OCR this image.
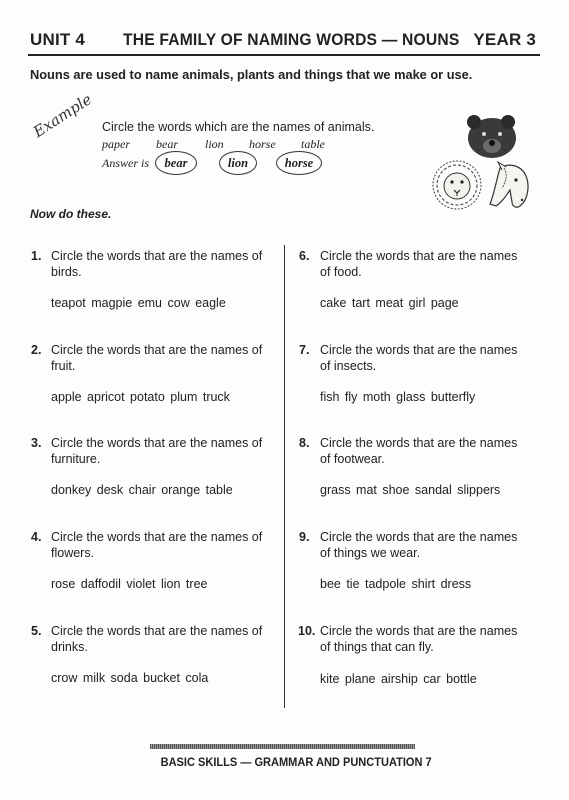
UNIT 4 THE FAMILY OF NAMING WORDS — NOUNS YEAR 3
Nouns are used to name animals, plants and things that we make or use.
Example Circle the words which are the names of animals.
paper bear lion horse table
Answer is	bear	lion	horse
Now do these.
1. Circle the words that are the names of birds.
teapot magpie emu cow eagle
2. Circle the words that are the names of fruit.
apple apricot potato plum truck
3. Circle the words that are the names of furniture.
donkey desk chair orange table
4. Circle the words that are the names of flowers.
rose daffodil violet lion tree
5. Circle the words that are the names of drinks.
crow milk soda bucket cola
6. Circle the words that are the names of food.
cake tart meat girl page
7. Circle the words that are the names of insects.
fish fly moth glass butterfly
8. Circle the words that are the names of footwear.
grass mat shoe sandal slippers
9. Circle the words that are the names of things we wear.
bee tie tadpole shirt dress
10. Circle the words that are the names of things that can fly.
kite plane airship car bottle
BASIC SKILLS — GRAMMAR AND PUNCTUATION 7
